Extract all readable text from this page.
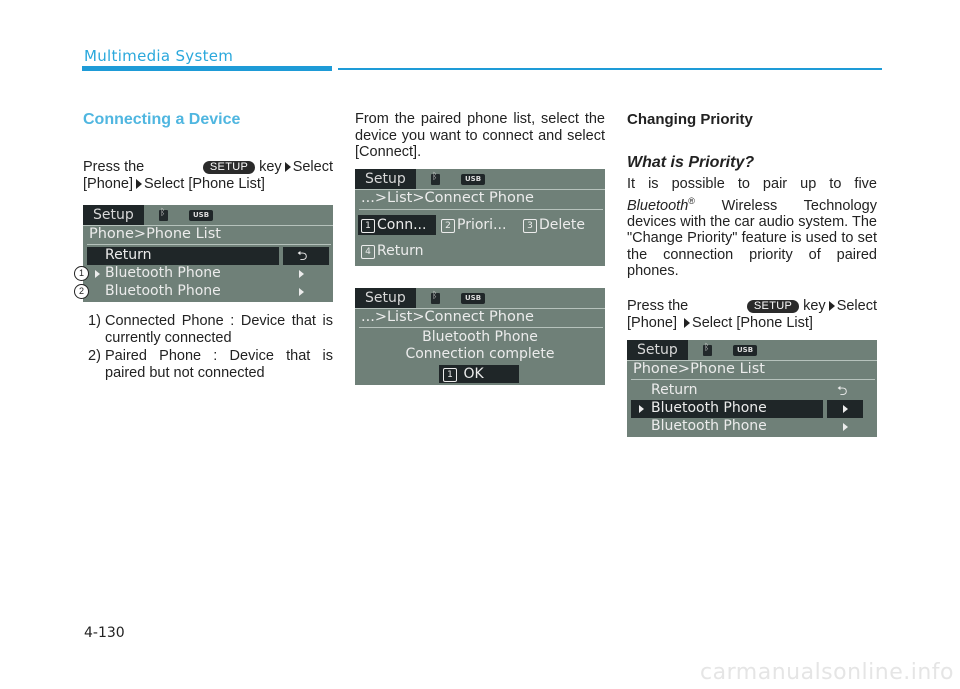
Multimedia System
Connecting a Device
Press the	SETUP key Select
[Phone] Select [Phone List]
Setup ᛒ	USB
Phone>Phone List
Return	⮌
Bluetooth Phone
Bluetooth Phone
1
2
1) Connected Phone : Device that is currently connected
2) Paired Phone : Device that is paired but not connected
From the paired phone list, select the device you want to connect and select [Connect].
Setup ᛒ	USB
...>List>Connect Phone
1 Conn...	2 Priori...	3 Delete
4 Return
Setup ᛒ	USB
...>List>Connect Phone
Bluetooth Phone
Connection complete
1 OK
Changing Priority
What is Priority?
It is possible to pair up to five
Bluetooth® Wireless Technology devices with the car audio system. The "Change Priority" feature is used to set the connection priority of paired phones.
Press the	SETUP key Select
[Phone] Select [Phone List]
Setup ᛒ	USB
Phone>Phone List
Return	⮌
Bluetooth Phone
Bluetooth Phone
4-130
carmanualsonline.info
